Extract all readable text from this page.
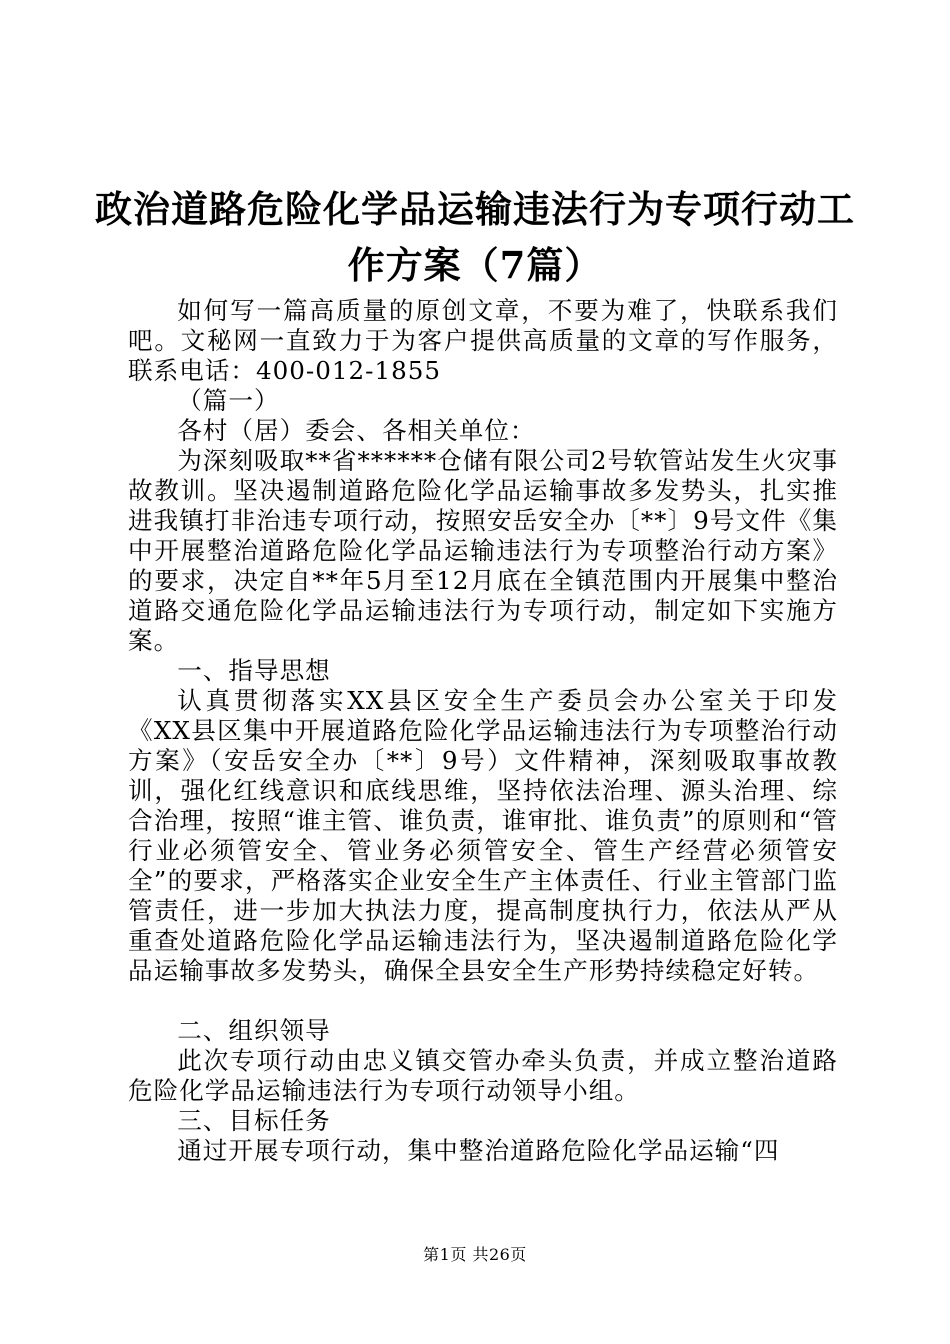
政治道路危险化学品运输违法行为专项行动工
作方案（7篇）

如何写一篇高质量的原创文章，不要为难了，快联系我们吧。文秘网一直致力于为客户提供高质量的文章的写作服务，联系电话：400-012-1855

（篇一）

各村（居）委会、各相关单位：

为深刻吸取**省******仓储有限公司2号软管站发生火灾事故教训。坚决遏制道路危险化学品运输事故多发势头，扎实推进我镇打非治违专项行动，按照安岳安全办〔**〕9号文件《集中开展整治道路危险化学品运输违法行为专项整治行动方案》的要求，决定自**年5月至12月底在全镇范围内开展集中整治道路交通危险化学品运输违法行为专项行动，制定如下实施方案。

一、指导思想

认真贯彻落实XX县区安全生产委员会办公室关于印发《XX县区集中开展道路危险化学品运输违法行为专项整治行动方案》（安岳安全办〔**〕9号）文件精神，深刻吸取事故教训，强化红线意识和底线思维，坚持依法治理、源头治理、综合治理，按照“谁主管、谁负责，谁审批、谁负责”的原则和“管行业必须管安全、管业务必须管安全、管生产经营必须管安全”的要求，严格落实企业安全生产主体责任、行业主管部门监管责任，进一步加大执法力度，提高制度执行力，依法从严从重查处道路危险化学品运输违法行为，坚决遏制道路危险化学品运输事故多发势头，确保全县安全生产形势持续稳定好转。

二、组织领导

此次专项行动由忠义镇交管办牵头负责，并成立整治道路危险化学品运输违法行为专项行动领导小组。

三、目标任务

通过开展专项行动，集中整治道路危险化学品运输“四

第1页 共26页
